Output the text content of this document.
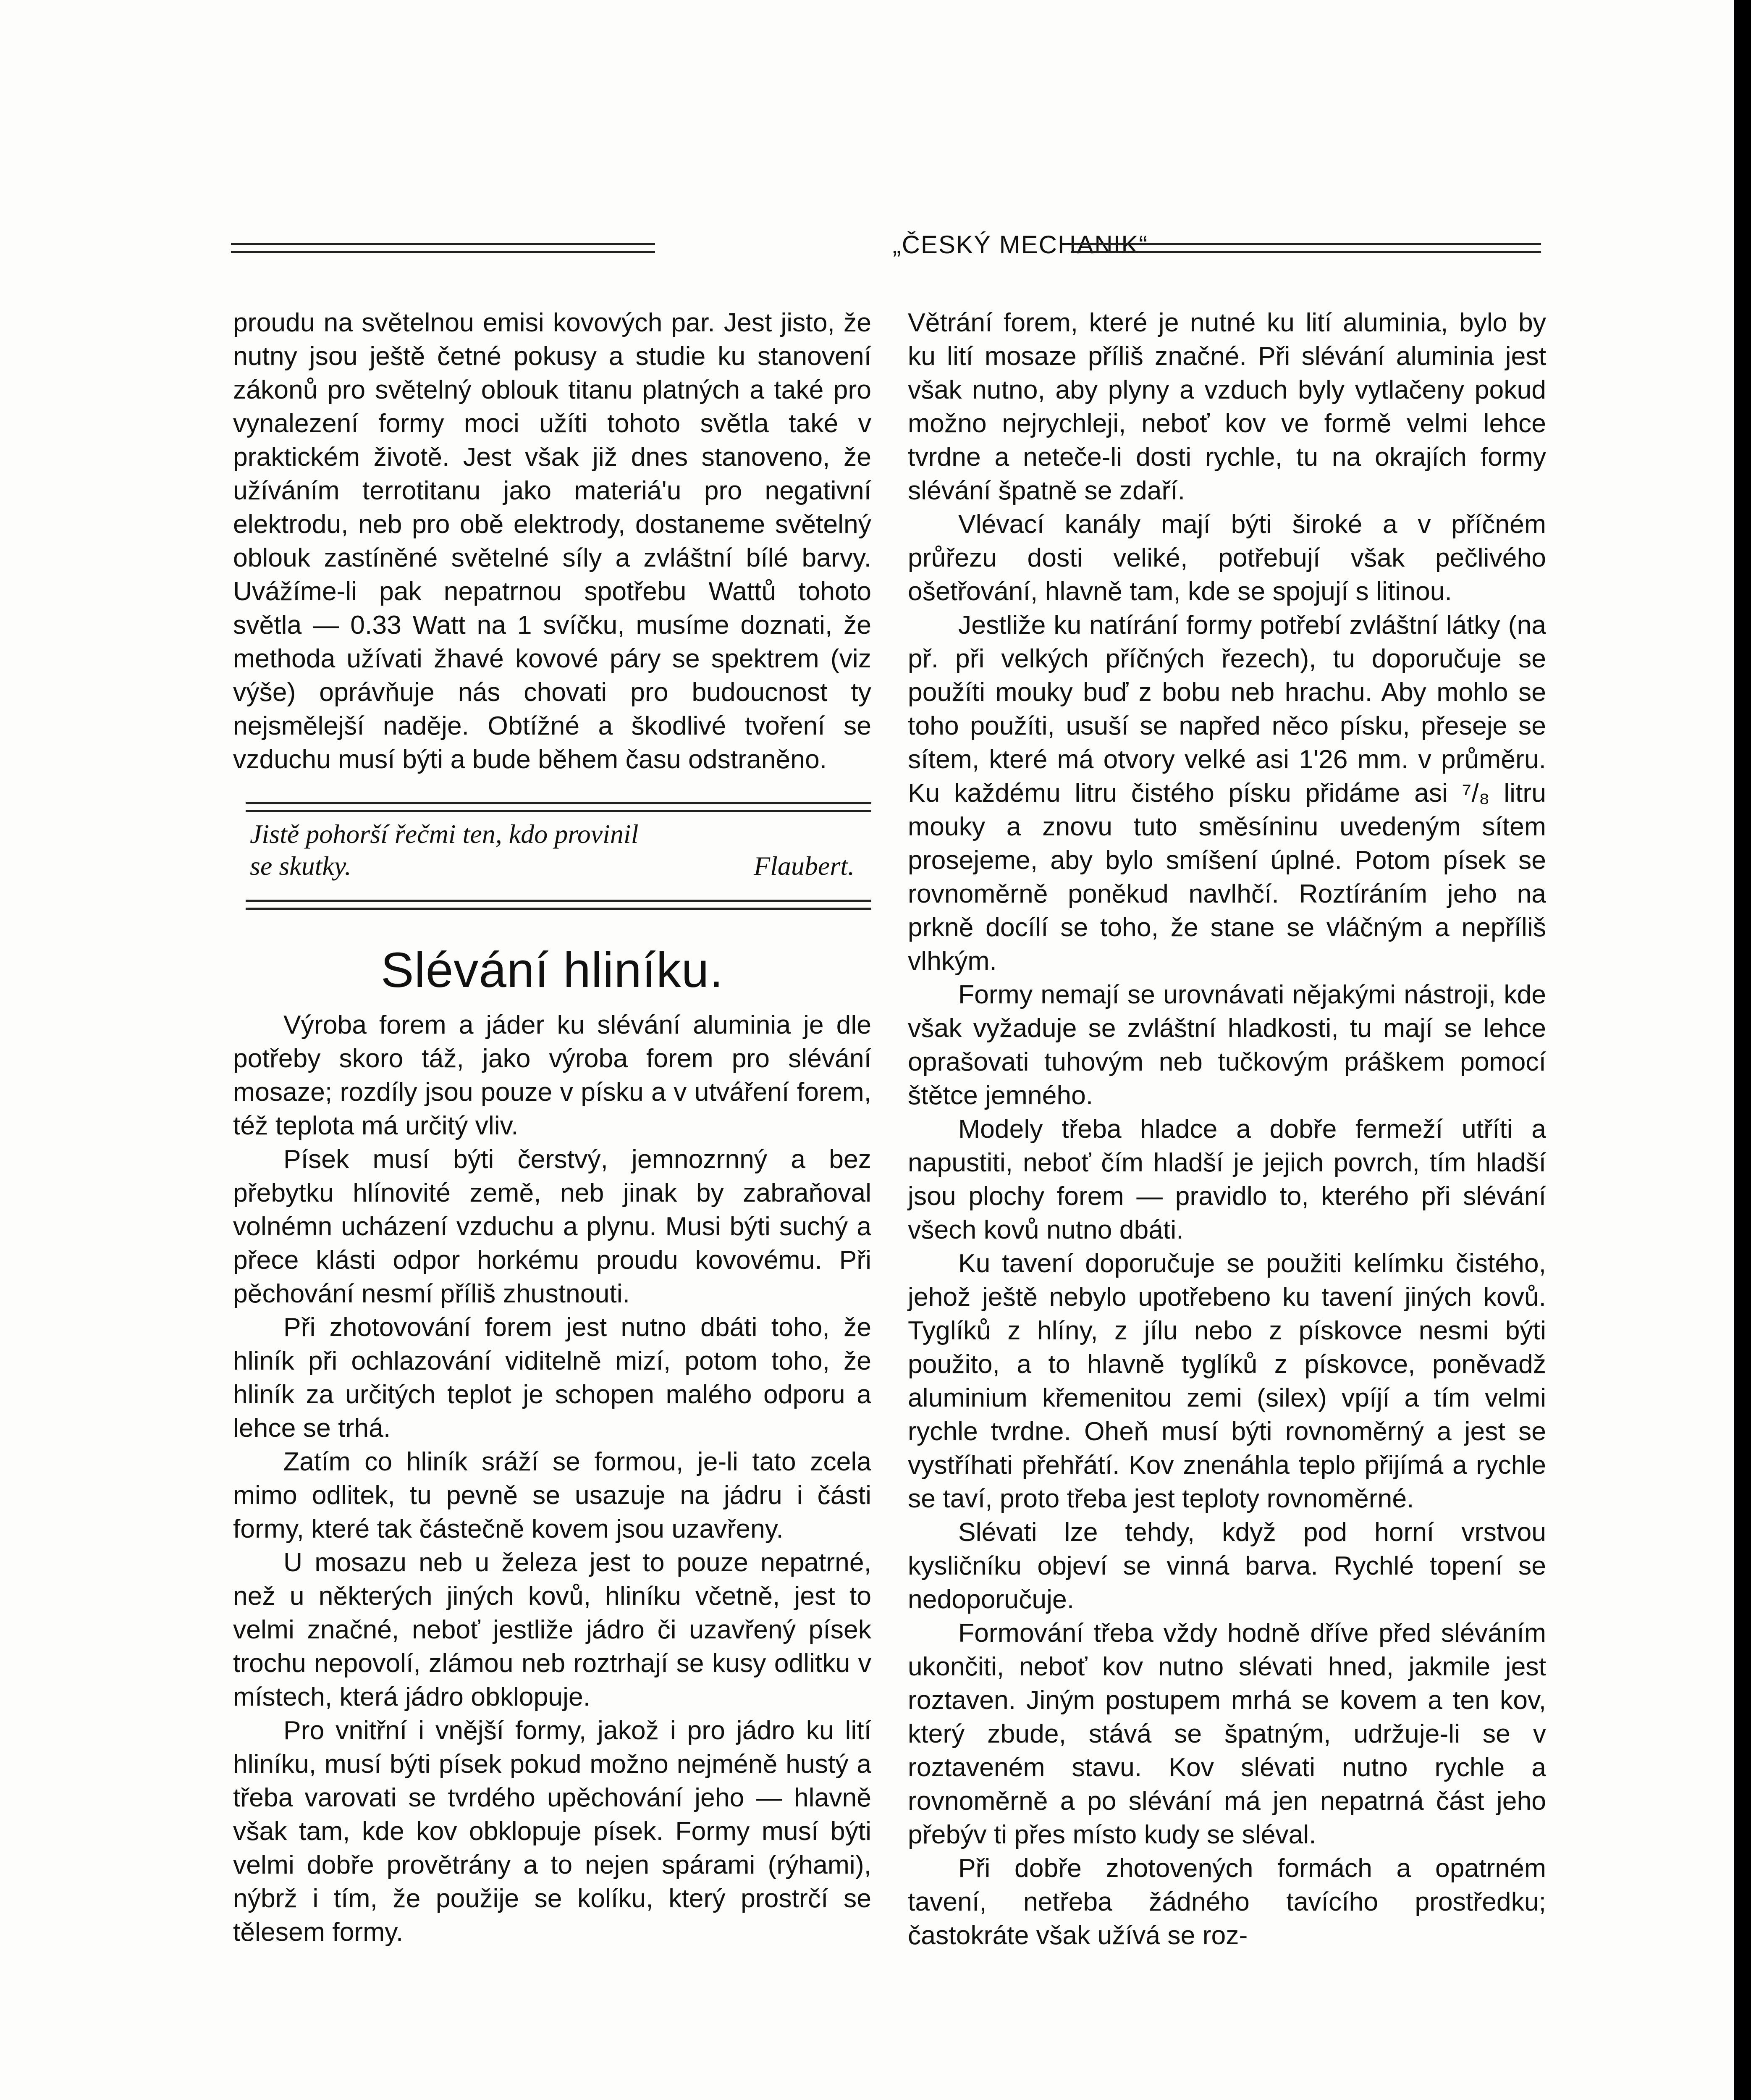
„ČESKÝ MECHANIK“

proudu na světelnou emisi kovových par. Jest jisto, že nutny jsou ještě četné pokusy a studie ku stanovení zákonů pro světelný oblouk titanu platných a také pro vynalezení formy moci užíti tohoto světla také v praktickém životě. Jest však již dnes stanoveno, že užíváním terrotitanu jako materiá'u pro negativní elektrodu, neb pro obě elektrody, dostaneme světelný oblouk zastíněné světelné síly a zvláštní bílé barvy. Uvážíme-li pak nepatrnou spotřebu Wattů tohoto světla — 0.33 Watt na 1 svíčku, musíme doznati, že methoda užívati žhavé kovové páry se spektrem (viz výše) oprávňuje nás chovati pro budoucnost ty nejsmělejší naděje. Obtížné a škodlivé tvoření se vzduchu musí býti a bude během času odstraněno.

Jistě pohorší řečmi ten, kdo provinil
se skutky.	Flaubert.
Slévání hliníku.

Výroba forem a jáder ku slévání aluminia je dle potřeby skoro táž, jako výroba forem pro slévání mosaze; rozdíly jsou pouze v písku a v utváření forem, též teplota má určitý vliv.

Písek musí býti čerstvý, jemnozrnný a bez přebytku hlínovité země, neb jinak by zabraňoval volnémn ucházení vzduchu a plynu. Musi býti suchý a přece klásti odpor horkému proudu kovovému. Při pěchování nesmí příliš zhustnouti.

Při zhotovování forem jest nutno dbáti toho, že hliník při ochlazování viditelně mizí, potom toho, že hliník za určitých teplot je schopen malého odporu a lehce se trhá.

Zatím co hliník sráží se formou, je-li tato zcela mimo odlitek, tu pevně se usazuje na jádru i části formy, které tak částečně kovem jsou uzavřeny.

U mosazu neb u železa jest to pouze nepatrné, než u některých jiných kovů, hliníku včetně, jest to velmi značné, neboť jestliže jádro či uzavřený písek trochu nepovolí, zlámou neb roztrhají se kusy odlitku v místech, která jádro obklopuje.

Pro vnitřní i vnější formy, jakož i pro jádro ku lití hliníku, musí býti písek pokud možno nejméně hustý a třeba varovati se tvrdého upěchování jeho — hlavně však tam, kde kov obklopuje písek. Formy musí býti velmi dobře provětrány a to nejen spárami (rýhami), nýbrž i tím, že použije se kolíku, který prostrčí se tělesem formy.

Větrání forem, které je nutné ku lití aluminia, bylo by ku lití mosaze příliš značné. Při slévání aluminia jest však nutno, aby plyny a vzduch byly vytlačeny pokud možno nejrychleji, neboť kov ve formě velmi lehce tvrdne a neteče-li dosti rychle, tu na okrajích formy slévání špatně se zdaří.

Vlévací kanály mají býti široké a v příčném průřezu dosti veliké, potřebují však pečlivého ošetřování, hlavně tam, kde se spojují s litinou.

Jestliže ku natírání formy potřebí zvláštní látky (na př. při velkých příčných řezech), tu doporučuje se použíti mouky buď z bobu neb hrachu. Aby mohlo se toho použíti, usuší se napřed něco písku, přeseje se sítem, které má otvory velké asi 1'26 mm. v průměru. Ku každému litru čistého písku přidáme asi ⁷/₈ litru mouky a znovu tuto směsíninu uvedeným sítem prosejeme, aby bylo smíšení úplné. Potom písek se rovnoměrně poněkud navlhčí. Roztíráním jeho na prkně docílí se toho, že stane se vláčným a nepříliš vlhkým.

Formy nemají se urovnávati nějakými nástroji, kde však vyžaduje se zvláštní hladkosti, tu mají se lehce oprašovati tuhovým neb tučkovým práškem pomocí štětce jemného.

Modely třeba hladce a dobře fermeží utříti a napustiti, neboť čím hladší je jejich povrch, tím hladší jsou plochy forem — pravidlo to, kterého při slévání všech kovů nutno dbáti.

Ku tavení doporučuje se použiti kelímku čistého, jehož ještě nebylo upotřebeno ku tavení jiných kovů. Tyglíků z hlíny, z jílu nebo z pískovce nesmi býti použito, a to hlavně tyglíků z pískovce, poněvadž aluminium křemenitou zemi (silex) vpíjí a tím velmi rychle tvrdne. Oheň musí býti rovnoměrný a jest se vystříhati přehřátí. Kov znenáhla teplo přijímá a rychle se taví, proto třeba jest teploty rovnoměrné.

Slévati lze tehdy, když pod horní vrstvou kysličníku objeví se vinná barva. Rychlé topení se nedoporučuje.

Formování třeba vždy hodně dříve před sléváním ukončiti, neboť kov nutno slévati hned, jakmile jest roztaven. Jiným postupem mrhá se kovem a ten kov, který zbude, stává se špatným, udržuje-li se v roztaveném stavu. Kov slévati nutno rychle a rovnoměrně a po slévání má jen nepatrná část jeho přebýv ti přes místo kudy se sléval.

Při dobře zhotovených formách a opatrném tavení, netřeba žádného tavícího prostředku; častokráte však užívá se roz-
